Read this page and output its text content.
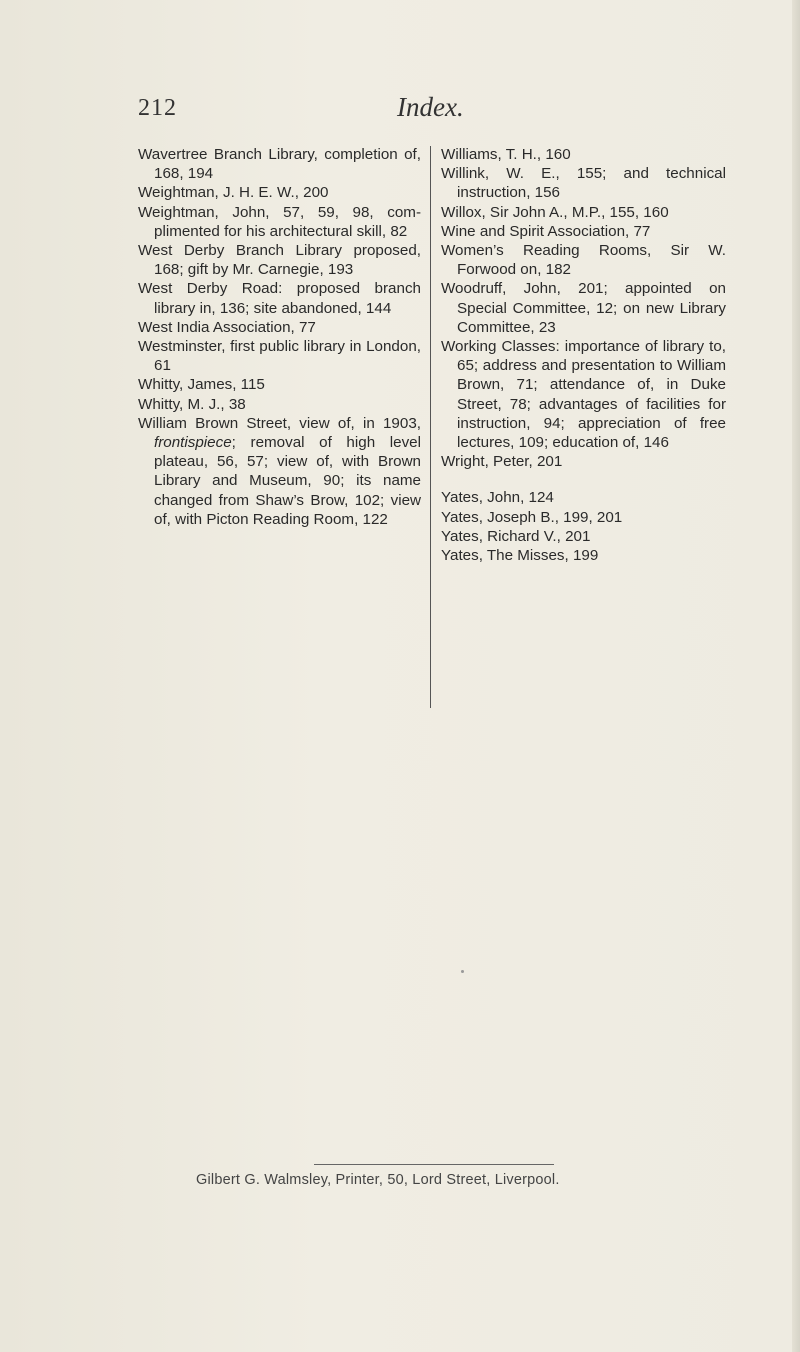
212	Index.
Wavertree Branch Library, completion of, 168, 194
Weightman, J. H. E. W., 200
Weightman, John, 57, 59, 98, complimented for his architectural skill, 82
West Derby Branch Library proposed, 168; gift by Mr. Carnegie, 193
West Derby Road: proposed branch library in, 136; site abandoned, 144
West India Association, 77
Westminster, first public library in London, 61
Whitty, James, 115
Whitty, M. J., 38
William Brown Street, view of, in 1903, frontispiece; removal of high level plateau, 56, 57; view of, with Brown Library and Museum, 90; its name changed from Shaw’s Brow, 102; view of, with Picton Reading Room, 122
Williams, T. H., 160
Willink, W. E., 155; and technical instruction, 156
Willox, Sir John A., M.P., 155, 160
Wine and Spirit Association, 77
Women’s Reading Rooms, Sir W. Forwood on, 182
Woodruff, John, 201; appointed on Special Committee, 12; on new Library Committee, 23
Working Classes: importance of library to, 65; address and presentation to William Brown, 71; attendance of, in Duke Street, 78; advantages of facilities for instruction, 94; appreciation of free lectures, 109; education of, 146
Wright, Peter, 201
Yates, John, 124
Yates, Joseph B., 199, 201
Yates, Richard V., 201
Yates, The Misses, 199
Gilbert G. Walmsley, Printer, 50, Lord Street, Liverpool.
